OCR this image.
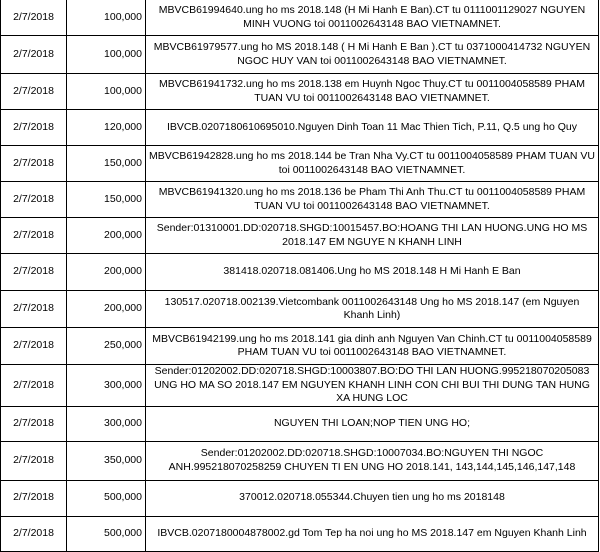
2/7/2018	100,000	MBVCB61994640.ung ho ms 2018.148 (H Mi Hanh E Ban).CT tu 0111001129027 NGUYEN MINH VUONG toi 0011002643148 BAO VIETNAMNET.
2/7/2018	100,000	MBVCB61979577.ung ho MS 2018.148 ( H Mi Hanh E Ban ).CT tu 0371000414732 NGUYEN NGOC HUY VAN toi 0011002643148 BAO VIETNAMNET.
2/7/2018	100,000	MBVCB61941732.ung ho ms 2018.138 em Huynh Ngoc Thuy.CT tu 0011004058589 PHAM TUAN VU toi 0011002643148 BAO VIETNAMNET.
2/7/2018	120,000	IBVCB.0207180610695010.Nguyen Dinh Toan 11 Mac Thien Tich, P.11, Q.5 ung ho Quy
2/7/2018	150,000	MBVCB61942828.ung ho ms 2018.144 be Tran Nha Vy.CT tu 0011004058589 PHAM TUAN VU toi 0011002643148 BAO VIETNAMNET.
2/7/2018	150,000	MBVCB61941320.ung ho ms 2018.136 be Pham Thi Anh Thu.CT tu 0011004058589 PHAM TUAN VU toi 0011002643148 BAO VIETNAMNET.
2/7/2018	200,000	Sender:01310001.DD:020718.SHGD:10015457.BO:HOANG THI LAN HUONG.UNG HO MS 2018.147 EM NGUYE N KHANH LINH
2/7/2018	200,000	381418.020718.081406.Ung ho MS 2018.148 H Mi Hanh E Ban
2/7/2018	200,000	130517.020718.002139.Vietcombank 0011002643148 Ung ho MS 2018.147 (em Nguyen Khanh Linh)
2/7/2018	250,000	MBVCB61942199.ung ho ms 2018.141 gia dinh anh Nguyen Van Chinh.CT tu 0011004058589 PHAM TUAN VU toi 0011002643148 BAO VIETNAMNET.
2/7/2018	300,000	Sender:01202002.DD:020718.SHGD:10003807.BO:DO THI LAN HUONG.995218070205083 UNG HO MA SO 2018.147 EM NGUYEN KHANH LINH CON CHI BUI THI DUNG TAN HUNG XA HUNG LOC
2/7/2018	300,000	NGUYEN THI LOAN;NOP TIEN UNG HO;
2/7/2018	350,000	Sender:01202002.DD:020718.SHGD:10007034.BO:NGUYEN THI NGOC ANH.995218070258259 CHUYEN TI EN UNG HO 2018.141, 143,144,145,146,147,148
2/7/2018	500,000	370012.020718.055344.Chuyen tien ung ho ms 2018148
2/7/2018	500,000	IBVCB.0207180004878002.gd Tom Tep ha noi ung ho MS 2018.147 em Nguyen Khanh Linh
